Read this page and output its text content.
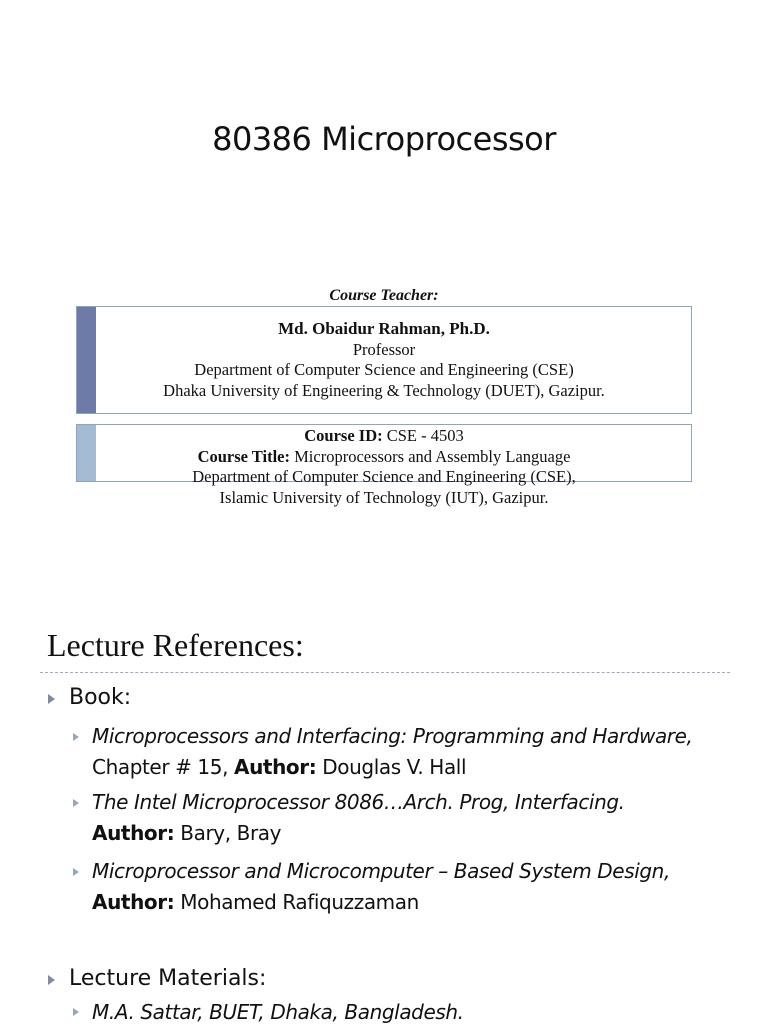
80386 Microprocessor
Course Teacher:
Md. Obaidur Rahman, Ph.D.
Professor
Department of Computer Science and Engineering (CSE)
Dhaka University of Engineering & Technology (DUET), Gazipur.
Course ID: CSE - 4503
Course Title: Microprocessors and Assembly Language
Department of Computer Science and Engineering (CSE),
Islamic University of Technology (IUT), Gazipur.
Lecture References:
Book:
Microprocessors and Interfacing: Programming and Hardware,
Chapter # 15, Author: Douglas V. Hall
The Intel Microprocessor 8086…Arch. Prog, Interfacing.
Author: Bary, Bray
Microprocessor and Microcomputer – Based System Design,
Author: Mohamed Rafiquzzaman
Lecture Materials:
M.A. Sattar, BUET, Dhaka, Bangladesh.
